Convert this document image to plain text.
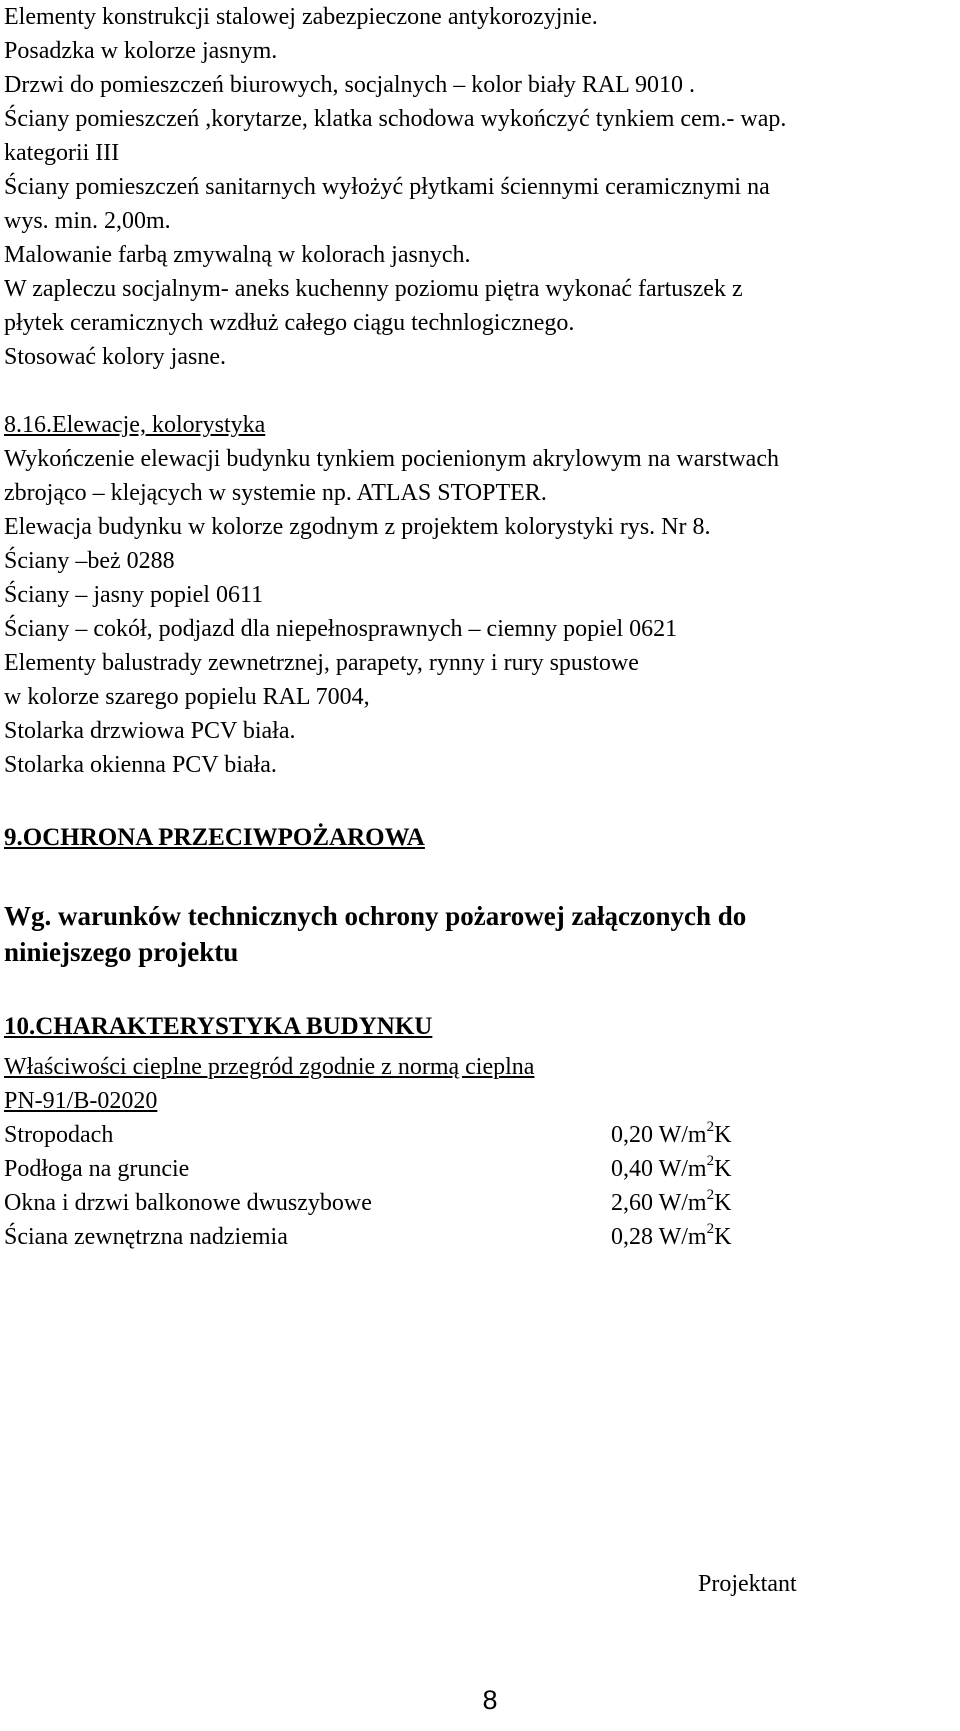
Elementy konstrukcji stalowej zabezpieczone antykorozyjnie.
Posadzka w kolorze jasnym.
Drzwi do pomieszczeń biurowych, socjalnych – kolor biały RAL 9010 .
Ściany pomieszczeń ,korytarze, klatka schodowa wykończyć tynkiem cem.- wap.
kategorii III
Ściany pomieszczeń sanitarnych wyłożyć płytkami ściennymi ceramicznymi na
wys. min. 2,00m.
Malowanie farbą zmywalną w kolorach jasnych.
W zapleczu socjalnym- aneks kuchenny poziomu piętra wykonać fartuszek z
płytek ceramicznych wzdłuż całego ciągu technlogicznego.
Stosować kolory jasne.
8.16.Elewacje, kolorystyka
Wykończenie elewacji budynku tynkiem pocienionym akrylowym na warstwach
zbrojąco – klejących w systemie np. ATLAS STOPTER.
Elewacja budynku w kolorze zgodnym z projektem kolorystyki rys. Nr 8.
Ściany –beż 0288
Ściany – jasny popiel 0611
Ściany – cokół, podjazd dla niepełnosprawnych – ciemny popiel 0621
Elementy balustrady zewnetrznej, parapety, rynny i rury spustowe
w kolorze szarego popielu RAL 7004,
Stolarka drzwiowa PCV biała.
Stolarka okienna PCV biała.
9.OCHRONA PRZECIWPOŻAROWA
Wg. warunków technicznych ochrony pożarowej załączonych do
niniejszego projektu
10.CHARAKTERYSTYKA BUDYNKU
Właściwości cieplne przegród zgodnie z normą cieplna
PN-91/B-02020
Stropodach	0,20 $W/m^2K$
Podłoga na gruncie	0,40 $W/m^2K$
Okna i drzwi balkonowe dwuszybowe	2,60 $W/m^2K$
Ściana zewnętrzna nadziemia	0,28 $W/m^2K$
Projektant
8
